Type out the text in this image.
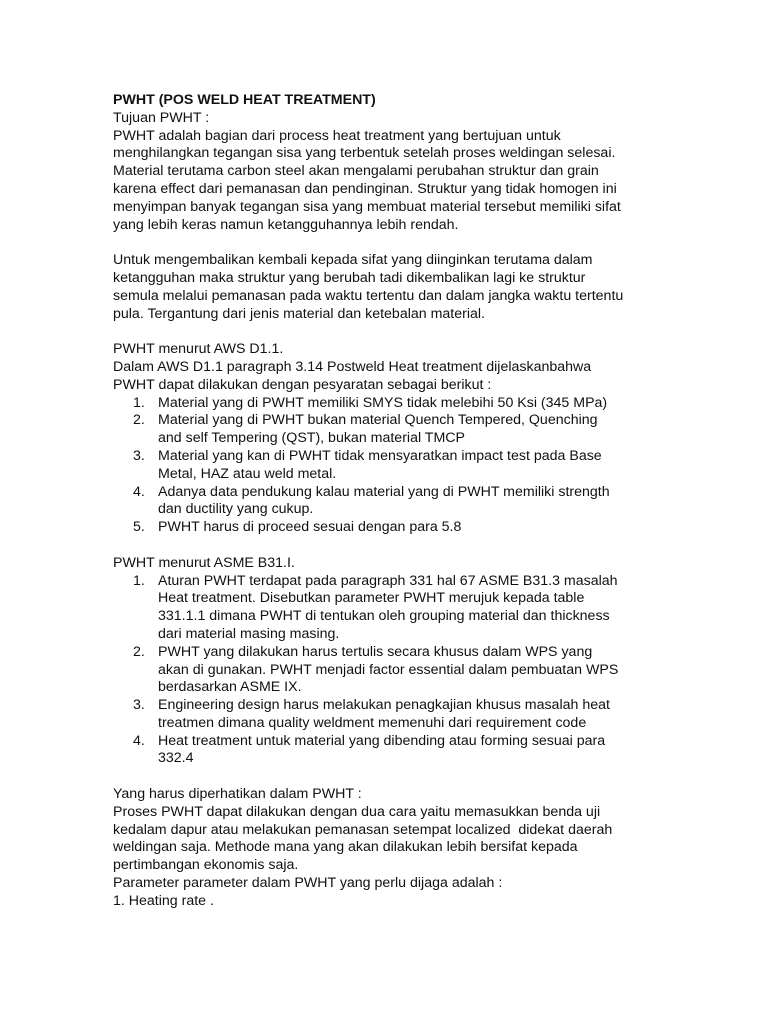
PWHT (POS WELD HEAT TREATMENT)
Tujuan PWHT :
PWHT adalah bagian dari process heat treatment yang bertujuan untuk
menghilangkan tegangan sisa yang terbentuk setelah proses weldingan selesai.
Material terutama carbon steel akan mengalami perubahan struktur dan grain
karena effect dari pemanasan dan pendinginan. Struktur yang tidak homogen ini
menyimpan banyak tegangan sisa yang membuat material tersebut memiliki sifat
yang lebih keras namun ketangguhannya lebih rendah.
Untuk mengembalikan kembali kepada sifat yang diinginkan terutama dalam
ketangguhan maka struktur yang berubah tadi dikembalikan lagi ke struktur
semula melalui pemanasan pada waktu tertentu dan dalam jangka waktu tertentu
pula. Tergantung dari jenis material dan ketebalan material.
PWHT menurut AWS D1.1.
Dalam AWS D1.1 paragraph 3.14 Postweld Heat treatment dijelaskanbahwa
PWHT dapat dilakukan dengan pesyaratan sebagai berikut :
1. Material yang di PWHT memiliki SMYS tidak melebihi 50 Ksi (345 MPa)
2. Material yang di PWHT bukan material Quench Tempered, Quenching
and self Tempering (QST), bukan material TMCP
3. Material yang kan di PWHT tidak mensyaratkan impact test pada Base
Metal, HAZ atau weld metal.
4. Adanya data pendukung kalau material yang di PWHT memiliki strength
dan ductility yang cukup.
5. PWHT harus di proceed sesuai dengan para 5.8
PWHT menurut ASME B31.I.
1. Aturan PWHT terdapat pada paragraph 331 hal 67 ASME B31.3 masalah
Heat treatment. Disebutkan parameter PWHT merujuk kepada table
331.1.1 dimana PWHT di tentukan oleh grouping material dan thickness
dari material masing masing.
2. PWHT yang dilakukan harus tertulis secara khusus dalam WPS yang
akan di gunakan. PWHT menjadi factor essential dalam pembuatan WPS
berdasarkan ASME IX.
3. Engineering design harus melakukan penagkajian khusus masalah heat
treatmen dimana quality weldment memenuhi dari requirement code
4. Heat treatment untuk material yang dibending atau forming sesuai para
332.4
Yang harus diperhatikan dalam PWHT :
Proses PWHT dapat dilakukan dengan dua cara yaitu memasukkan benda uji
kedalam dapur atau melakukan pemanasan setempat localized  didekat daerah
weldingan saja. Methode mana yang akan dilakukan lebih bersifat kepada
pertimbangan ekonomis saja.
Parameter parameter dalam PWHT yang perlu dijaga adalah :
1. Heating rate .
